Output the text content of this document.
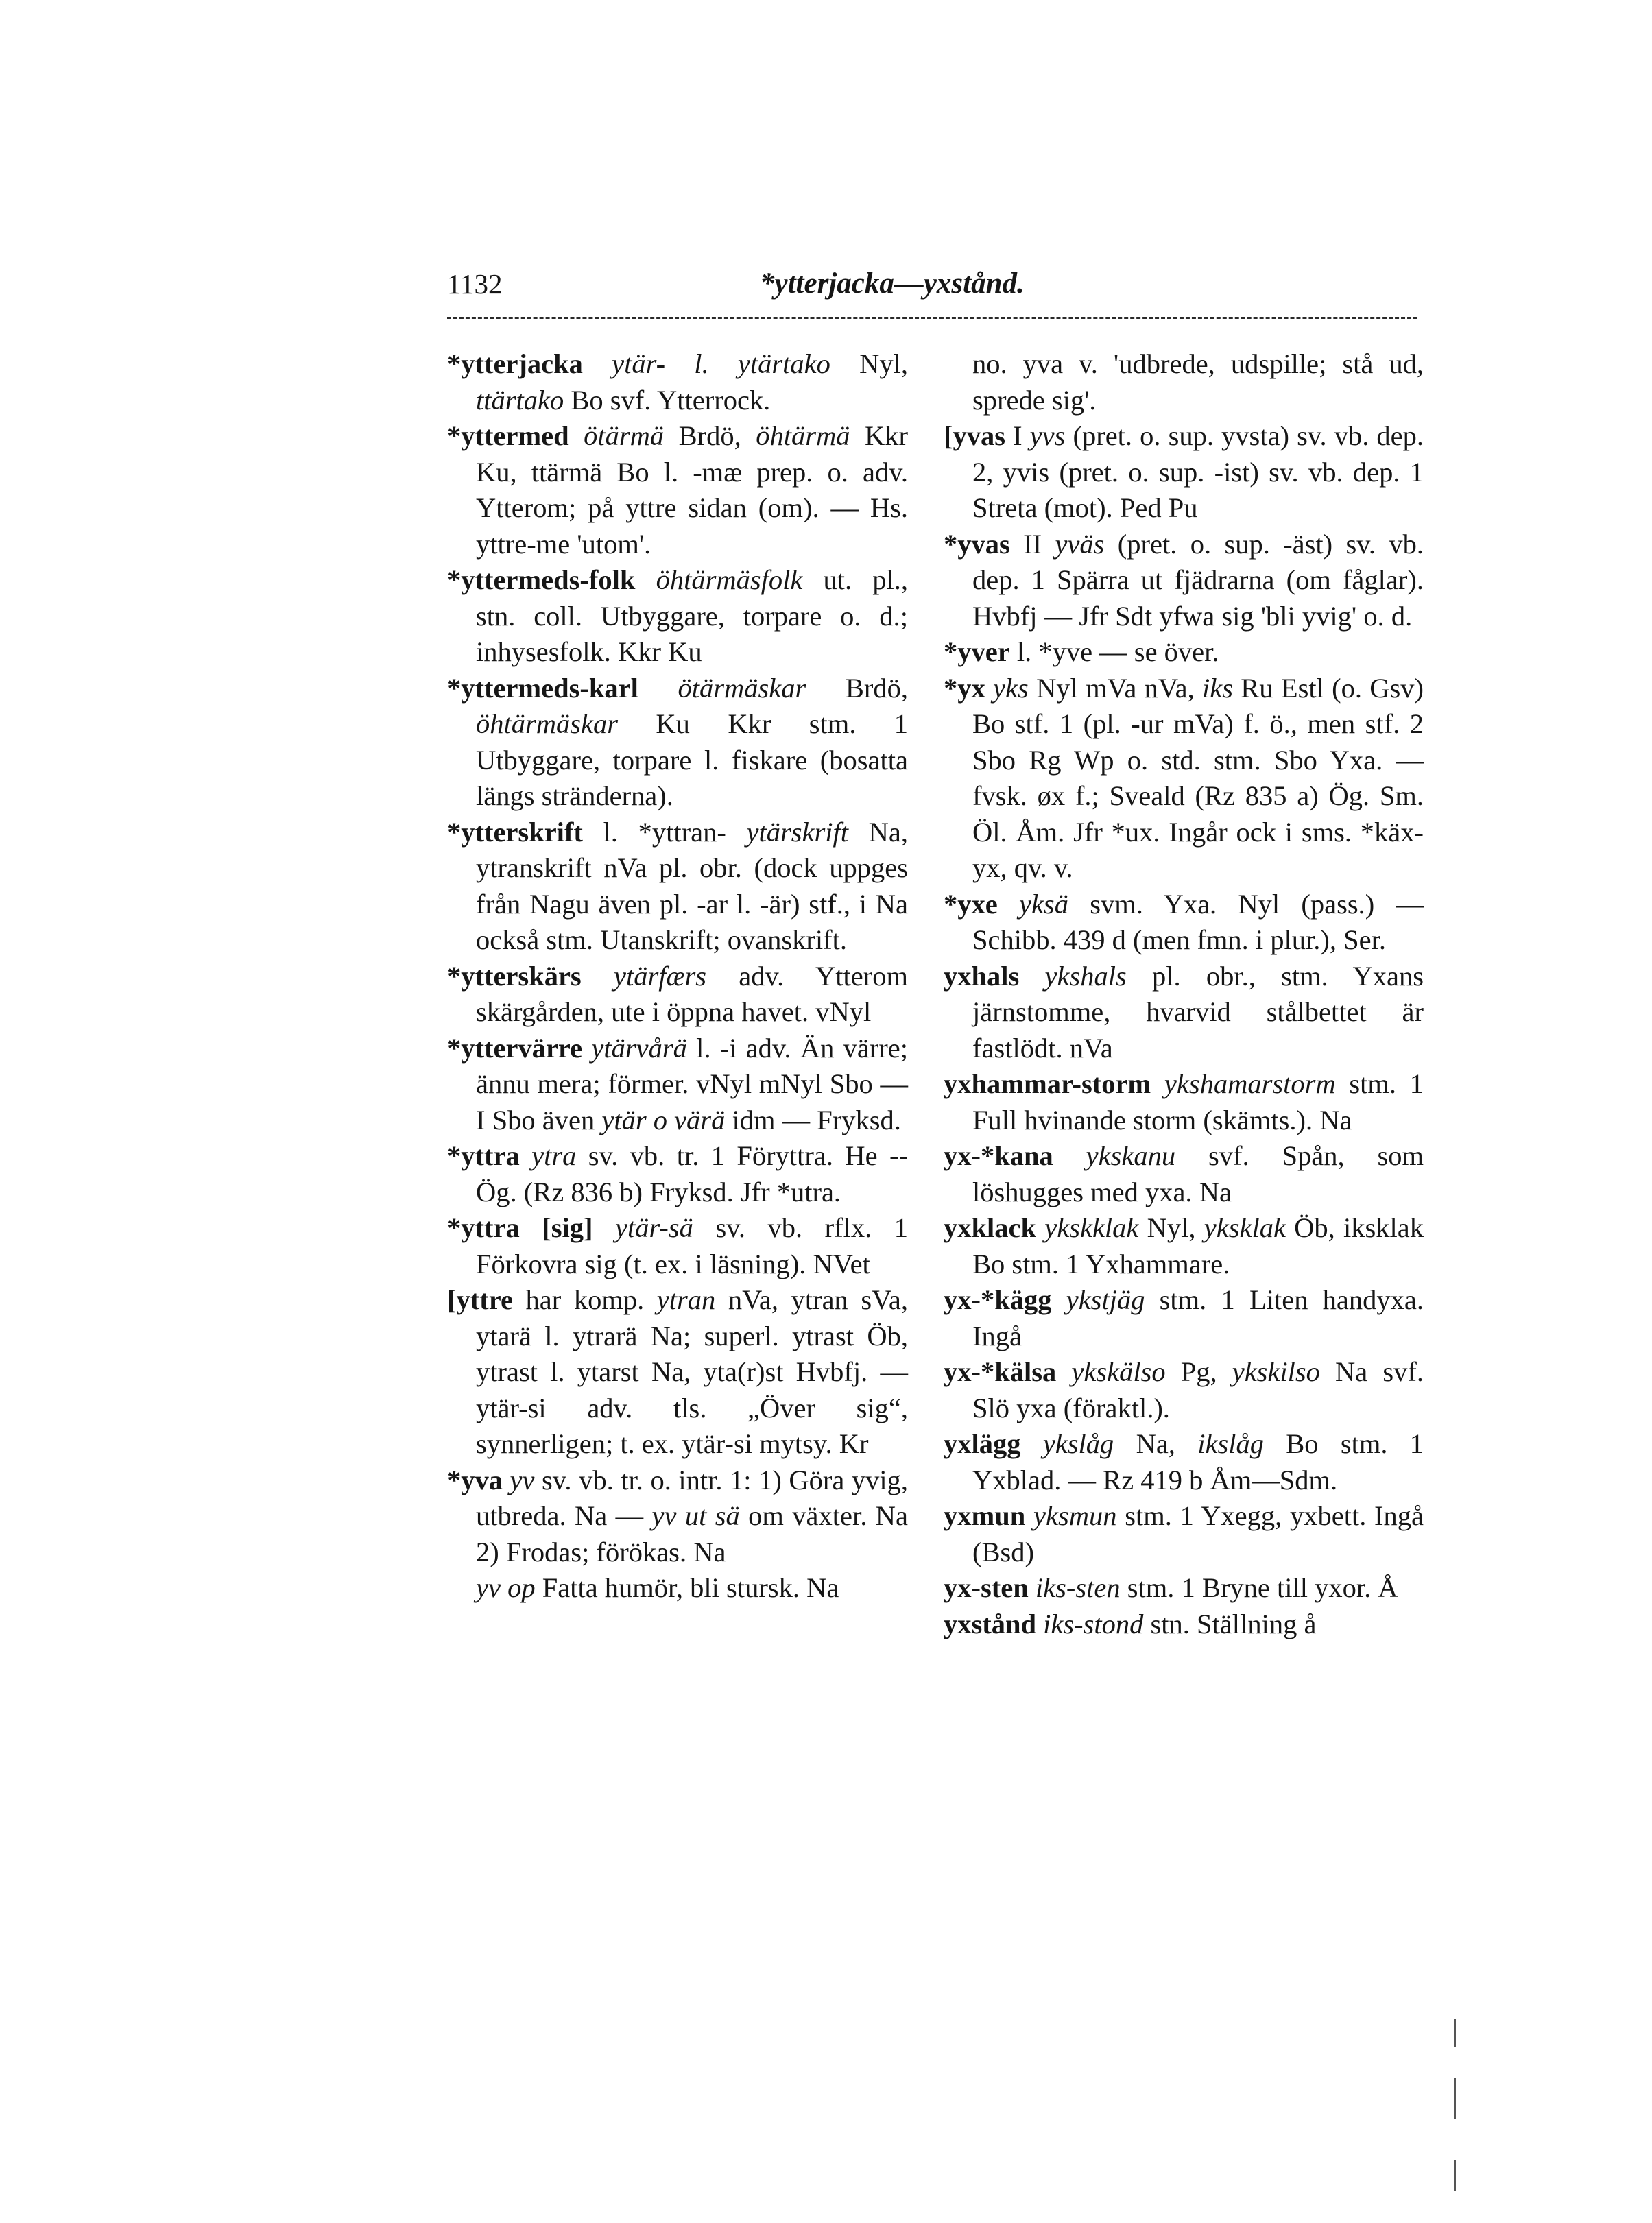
1132	*ytterjacka—yxstånd.

*ytterjacka ytär- l. ytärtako Nyl, ttärtako Bo svf. Ytterrock.

*yttermed ötärmä Brdö, öhtärmä Kkr Ku, ttärmä Bo l. -mæ prep. o. adv. Ytterom; på yttre sidan (om). — Hs. yttre-me 'utom'.

*yttermeds-folk öhtärmäsfolk ut. pl., stn. coll. Utbyggare, torpare o. d.; inhysesfolk. Kkr Ku

*yttermeds-karl ötärmäskar Brdö, öhtärmäskar Ku Kkr stm. 1 Utbyggare, torpare l. fiskare (bosatta längs stränderna).

*ytterskrift l. *yttran- ytärskrift Na, ytranskrift nVa pl. obr. (dock uppges från Nagu även pl. -ar l. -är) stf., i Na också stm. Utanskrift; ovanskrift.

*ytterskärs ytärfærs adv. Ytterom skärgården, ute i öppna havet. vNyl

*yttervärre ytärvårä l. -i adv. Än värre; ännu mera; förmer. vNyl mNyl Sbo — I Sbo även ytär o värä idm — Fryksd.

*yttra ytra sv. vb. tr. 1 Föryttra. He -- Ög. (Rz 836 b) Fryksd. Jfr *utra.

*yttra [sig] ytär-sä sv. vb. rflx. 1 Förkovra sig (t. ex. i läsning). NVet

[yttre har komp. ytran nVa, ytran sVa, ytarä l. ytrarä Na; superl. ytrast Öb, ytrast l. ytarst Na, yta(r)st Hvbfj. — ytär-si adv. tls. „Över sig“, synnerligen; t. ex. ytär-si mytsy. Kr

*yva yv sv. vb. tr. o. intr. 1: 1) Göra yvig, utbreda. Na — yv ut sä om växter. Na 2) Frodas; förökas. Na

yv op Fatta humör, bli stursk. Na

no. yva v. 'udbrede, udspille; stå ud, sprede sig'.

[yvas I yvs (pret. o. sup. yvsta) sv. vb. dep. 2, yvis (pret. o. sup. -ist) sv. vb. dep. 1 Streta (mot). Ped Pu

*yvas II yväs (pret. o. sup. -äst) sv. vb. dep. 1 Spärra ut fjädrarna (om fåglar). Hvbfj — Jfr Sdt yfwa sig 'bli yvig' o. d.

*yver l. *yve — se över.

*yx yks Nyl mVa nVa, iks Ru Estl (o. Gsv) Bo stf. 1 (pl. -ur mVa) f. ö., men stf. 2 Sbo Rg Wp o. std. stm. Sbo Yxa. — fvsk. øx f.; Sveald (Rz 835 a) Ög. Sm. Öl. Åm. Jfr *ux. Ingår ock i sms. *käx-yx, qv. v.

*yxe yksä svm. Yxa. Nyl (pass.) — Schibb. 439 d (men fmn. i plur.), Ser.

yxhals ykshals pl. obr., stm. Yxans järnstomme, hvarvid stålbettet är fastlödt. nVa

yxhammar-storm ykshamarstorm stm. 1 Full hvinande storm (skämts.). Na

yx-*kana ykskanu svf. Spån, som löshugges med yxa. Na

yxklack ykskklak Nyl, yksklak Öb, iksklak Bo stm. 1 Yxhammare.

yx-*kägg ykstjäg stm. 1 Liten handyxa. Ingå

yx-*kälsa ykskälso Pg, ykskilso Na svf. Slö yxa (föraktl.).

yxlägg ykslåg Na, ikslåg Bo stm. 1 Yxblad. — Rz 419 b Åm—Sdm.

yxmun yksmun stm. 1 Yxegg, yxbett. Ingå (Bsd)

yx-sten iks-sten stm. 1 Bryne till yxor. Å

yxstånd iks-stond stn. Ställning å
